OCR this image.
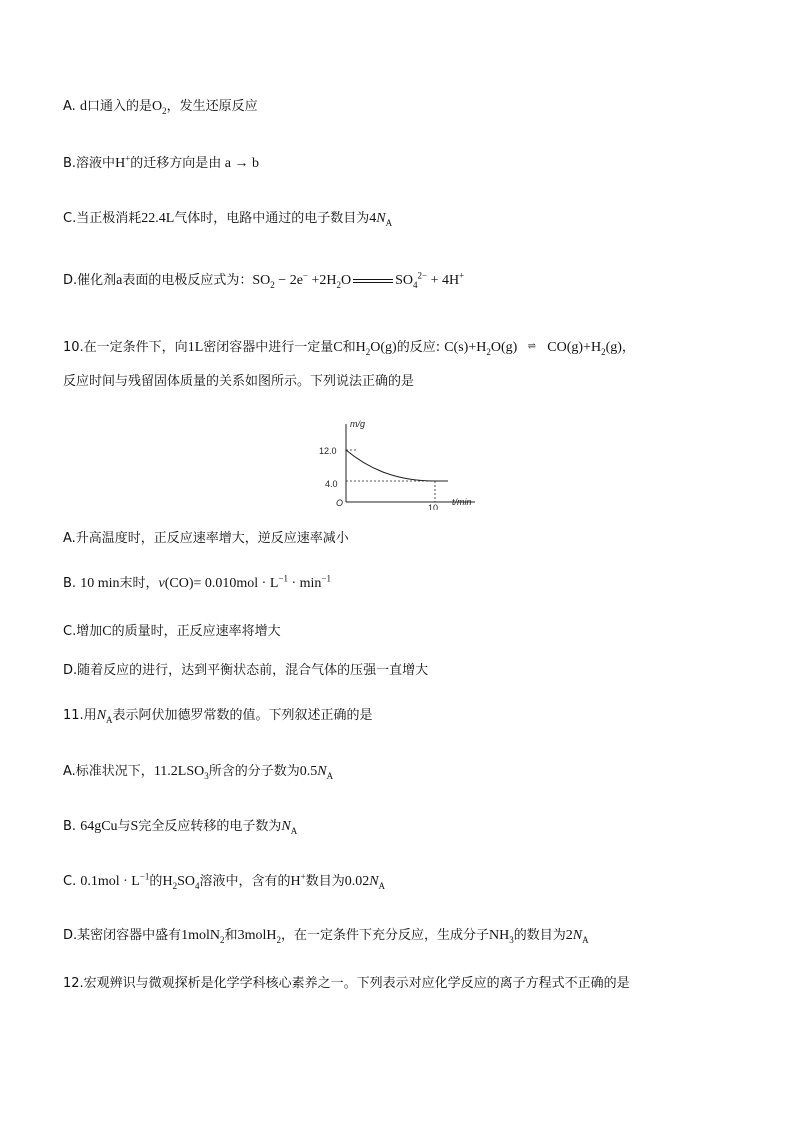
A. d口通入的是$O_2$，发生还原反应
B.溶液中H+的迁移方向是由 a → b
C.当正极消耗22.4L气体时，电路中通过的电子数目为$4N_A$
D.催化剂a表面的电极反应式为：$SO_2 - 2e^- +2H_2O$	$SO_4^{2-} + 4H^+$
10.在一定条件下，向1L密闭容器中进行一定量C和$H_2O(g)$的反应: $C(s)+H_2O(g)$ ⇌ $CO(g)+H_2(g)$，
反应时间与残留固体质量的关系如图所示。下列说法正确的是
m/g
t/min
O
12.0
4.0
10
A.升高温度时，正反应速率增大，逆反应速率减小
B. 10 min末时，$v(CO)= 0.010mol \cdot L^{-1} \cdot \min^{-1}$
C.增加C的质量时，正反应速率将增大
D.随着反应的进行，达到平衡状态前，混合气体的压强一直增大
11.用$N_A$表示阿伏加德罗常数的值。下列叙述正确的是
A.标准状况下，$11.2LSO_3$所含的分子数为$0.5N_A$
B. 64gCu与S完全反应转移的电子数为$N_A$
C. $0.1mol \cdot L^{-1}$的$H_2SO_4$溶液中，含有的H+数目为$0.02N_A$
D.某密闭容器中盛有1molN$_2$和3molH$_2$，在一定条件下充分反应，生成分子$NH_3$的数目为$2N_A$
12.宏观辨识与微观探析是化学学科核心素养之一。下列表示对应化学反应的离子方程式不正确的是
